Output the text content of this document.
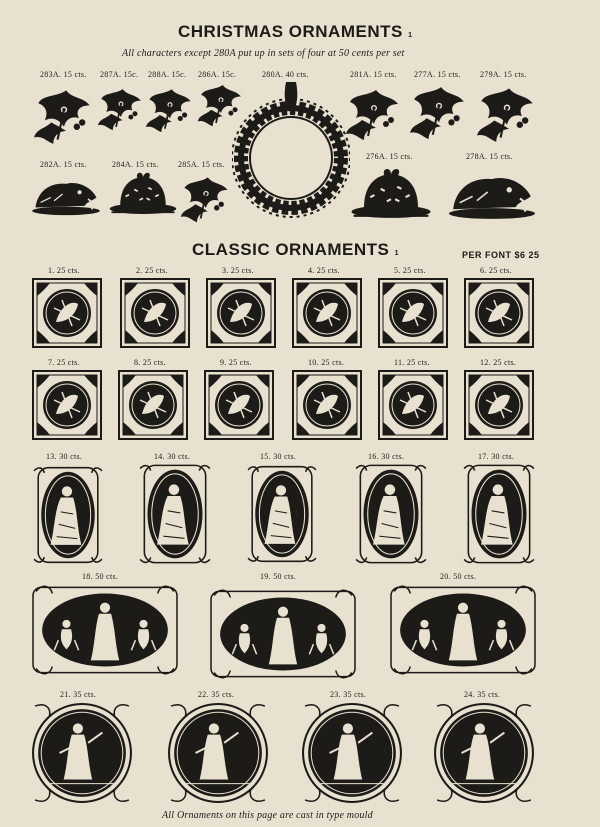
CHRISTMAS ORNAMENTS 1
All characters except 280A put up in sets of four at 50 cents per set
283A. 15 cts. 287A. 15c. 288A. 15c. 286A. 15c.	280A. 40 cts.	281A. 15 cts. 277A. 15 cts. 279A. 15 cts.
282A. 15 cts.	284A. 15 cts. 285A. 15 cts.
276A. 15 cts.	278A. 15 cts.
CLASSIC ORNAMENTS 1	PER FONT $6 25
1. 25 cts.	2. 25 cts.	3. 25 cts.	4. 25 cts.	5. 25 cts.	6. 25 cts.
7. 25 cts.	8. 25 cts.	9. 25 cts.	10. 25 cts.	11. 25 cts.	12. 25 cts.
13. 30 cts.	14. 30 cts.	15. 30 cts.	16. 30 cts.	17. 30 cts.
18. 50 cts.	19. 50 cts.	20. 50 cts.
21. 35 cts.	22. 35 cts.	23. 35 cts.	24. 35 cts.
All Ornaments on this page are cast in type mould
